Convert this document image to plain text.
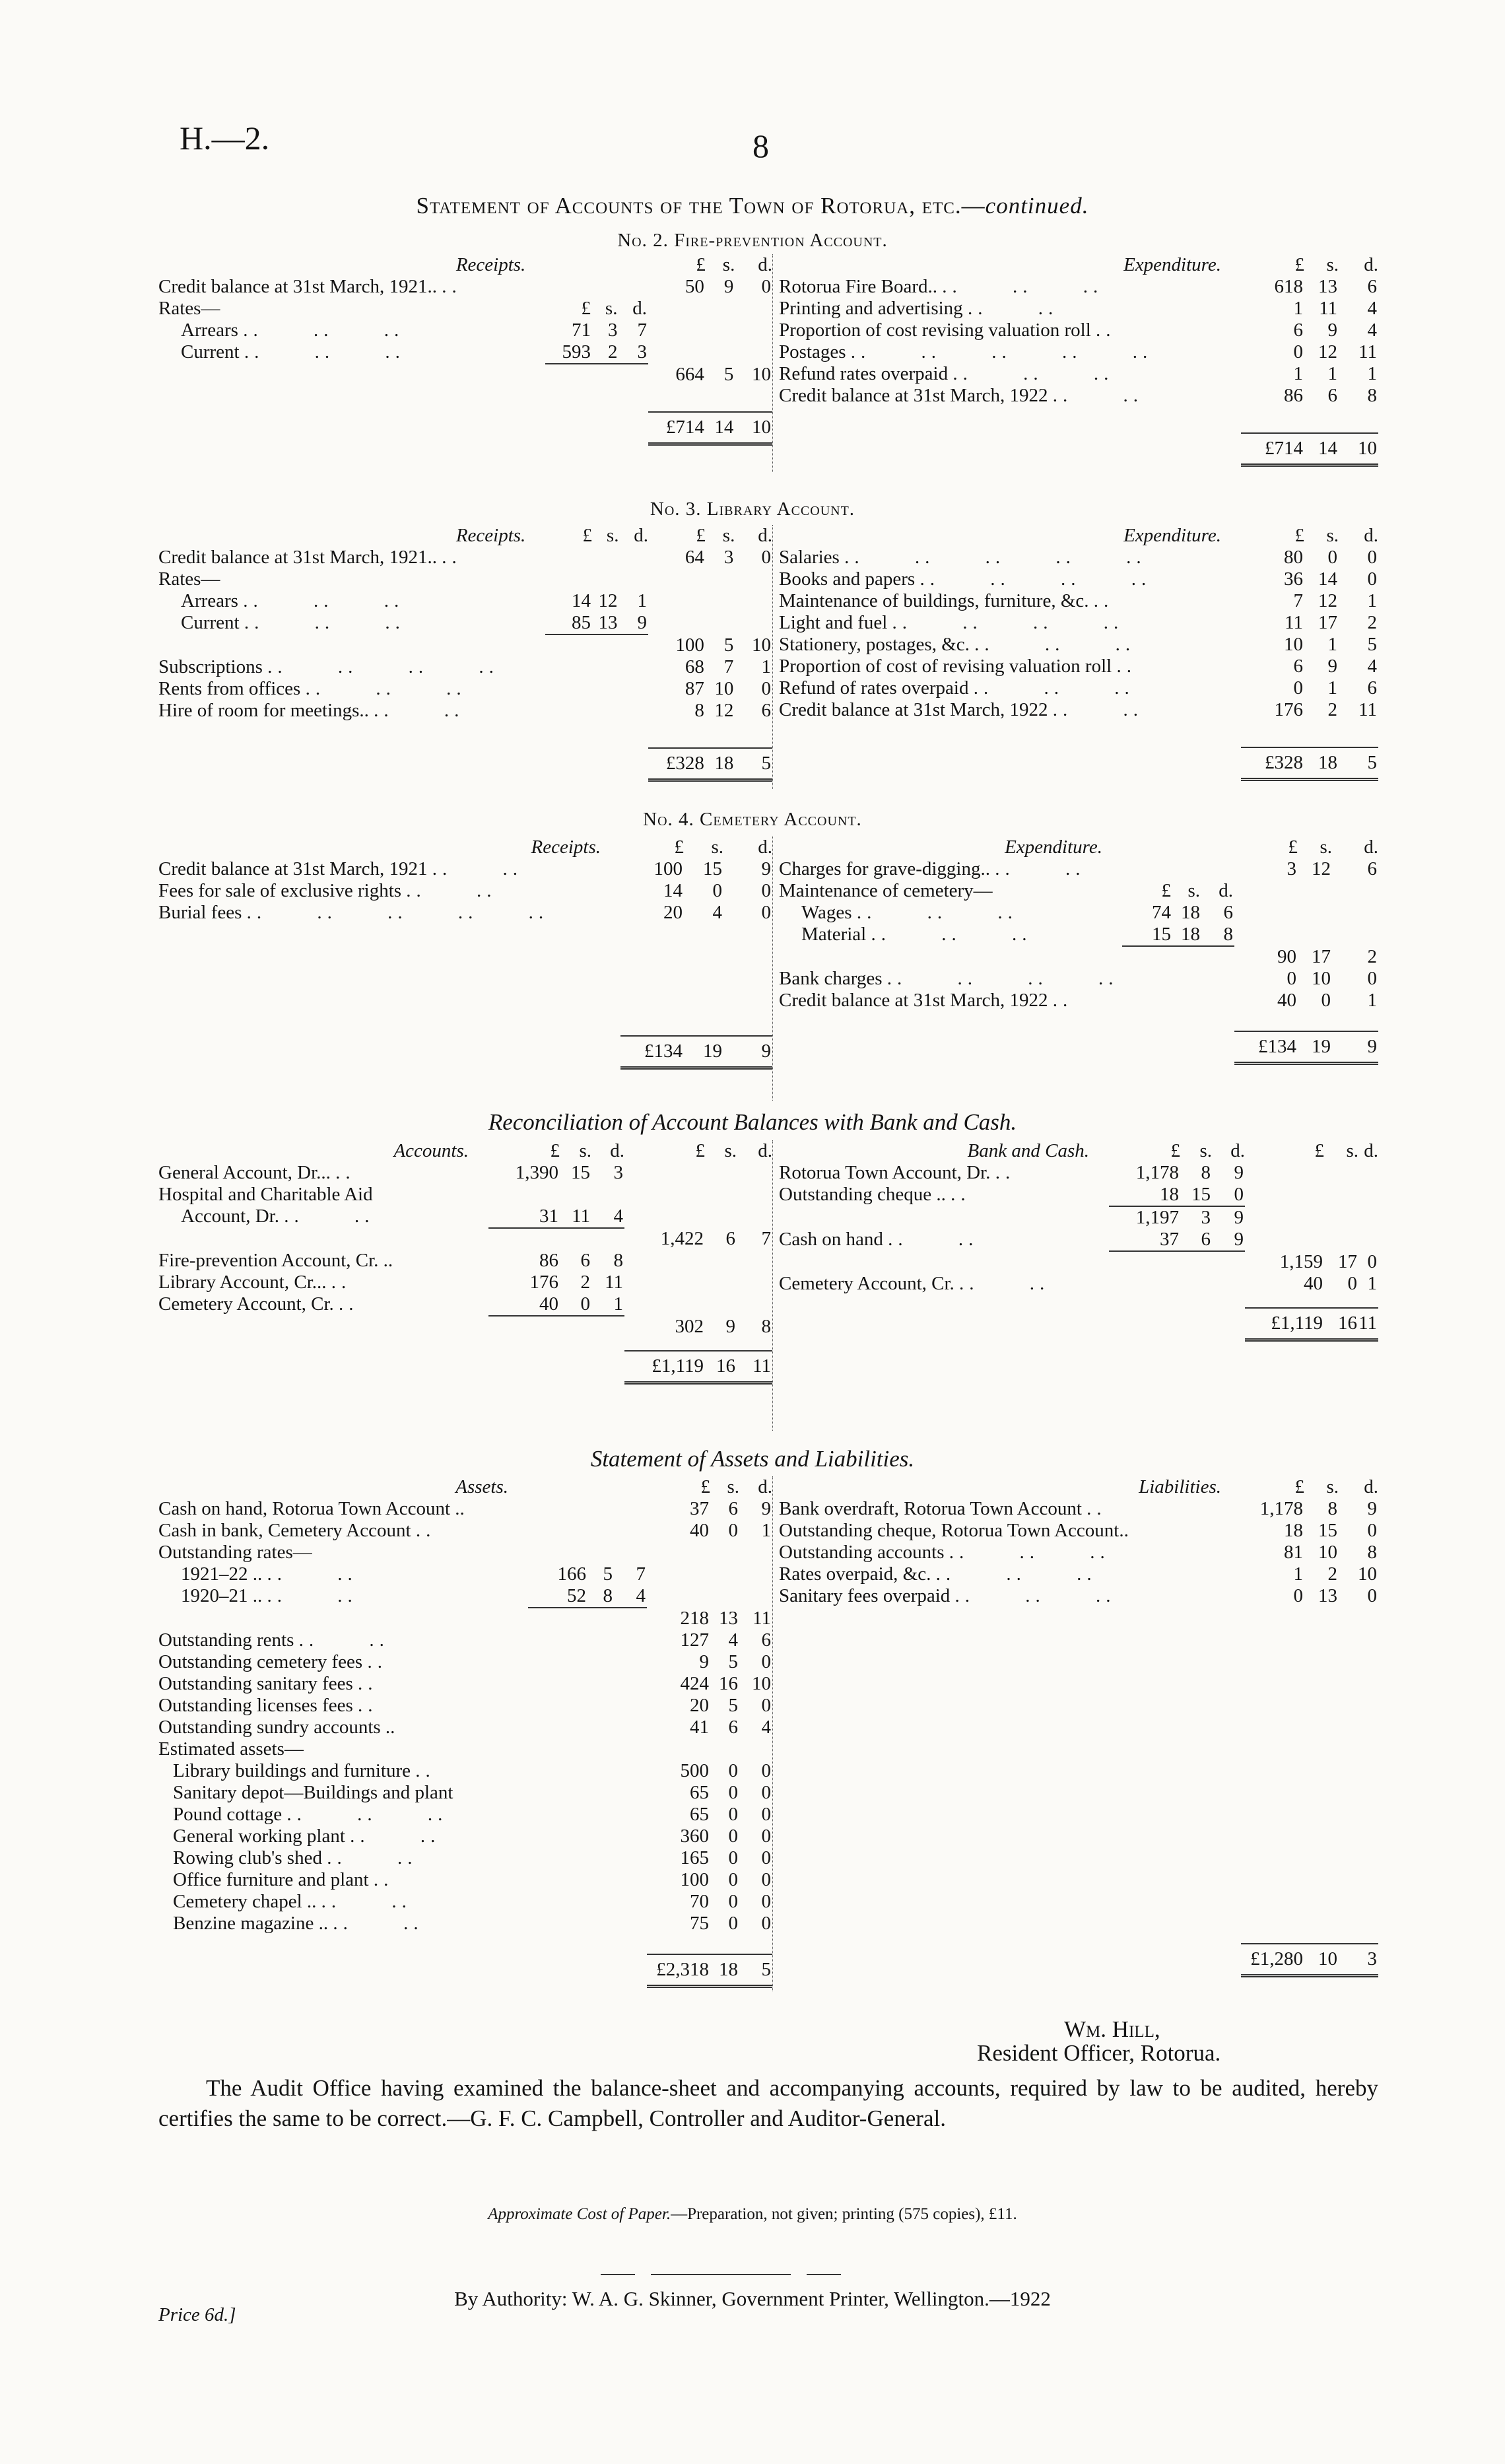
H.—2.	8
Statement of Accounts of the Town of Rotorua, etc.—continued.
No. 2. Fire-prevention Account.
Receipts.				£	s.	d.
Credit balance at 31st March, 1921.. ..				50	9	0
Rates—	£	s.	d.			
Arrears ..     ..     ..	71	3	7			
Current ..     ..     ..	593	2	3			
				664	5	10

				£714	14	10
Expenditure.	£	s.	d.
Rotorua Fire Board.. ..     ..     ..	618	13	6
Printing and advertising ..     ..	1	11	4
Proportion of cost revising valuation roll ..	6	9	4
Postages ..     ..     ..     ..     ..	0	12	11
Refund rates overpaid ..     ..     ..	1	1	1
Credit balance at 31st March, 1922 ..     ..	86	6	8

	£714	14	10
No. 3. Library Account.
Receipts.	£	s.	d.	£	s.	d.
Credit balance at 31st March, 1921.. ..				64	3	0
Rates—						
Arrears ..     ..     ..	14	12	1			
Current ..     ..     ..	85	13	9			
				100	5	10
Subscriptions ..     ..     ..     ..				68	7	1
Rents from offices ..     ..     ..				87	10	0
Hire of room for meetings.. ..     ..				8	12	6

				£328	18	5
Expenditure.	£	s.	d.
Salaries ..     ..     ..     ..     ..	80	0	0
Books and papers ..     ..     ..     ..	36	14	0
Maintenance of buildings, furniture, &c. ..	7	12	1
Light and fuel ..     ..     ..     ..	11	17	2
Stationery, postages, &c. ..     ..     ..	10	1	5
Proportion of cost of revising valuation roll ..	6	9	4
Refund of rates overpaid ..     ..     ..	0	1	6
Credit balance at 31st March, 1922 ..     ..	176	2	11

	£328	18	5
No. 4. Cemetery Account.
Receipts.	£	s.	d.
Credit balance at 31st March, 1921 ..     ..	100	15	9
Fees for sale of exclusive rights ..     ..	14	0	0
Burial fees ..     ..     ..     ..     ..	20	4	0

	£134	19	9
Expenditure.				£	s.	d.
Charges for grave-digging.. ..     ..				3	12	6
Maintenance of cemetery—	£	s.	d.			
Wages ..     ..     ..	74	18	6			
Material ..     ..     ..	15	18	8			
				90	17	2
Bank charges ..     ..     ..     ..				0	10	0
Credit balance at 31st March, 1922 ..				40	0	1

				£134	19	9
Reconciliation of Account Balances with Bank and Cash.
Accounts.	£	s.	d.	£	s.	d.
General Account, Dr... ..	1,390	15	3			
Hospital and Charitable Aid						
Account, Dr. ..     ..	31	11	4			
				1,422	6	7
Fire-prevention Account, Cr. ..	86	6	8			
Library Account, Cr... ..	176	2	11			
Cemetery Account, Cr. ..	40	0	1			
				302	9	8

				£1,119	16	11
Bank and Cash.	£	s.	d.	£	s.	d.
Rotorua Town Account, Dr. ..	1,178	8	9			
Outstanding cheque .. ..	18	15	0			

	1,197	3	9			
Cash on hand ..     ..	37	6	9			
				1,159	17	0
Cemetery Account, Cr. ..     ..				40	0	1

				£1,119	16	11
Statement of Assets and Liabilities.
Assets.				£	s.	d.
Cash on hand, Rotorua Town Account ..				37	6	9
Cash in bank, Cemetery Account ..				40	0	1
Outstanding rates—						
1921–22 .. ..     ..	166	5	7			
1920–21 .. ..     ..	52	8	4			

				218	13	11
Outstanding rents ..     ..				127	4	6
Outstanding cemetery fees ..				9	5	0
Outstanding sanitary fees ..				424	16	10
Outstanding licenses fees ..				20	5	0
Outstanding sundry accounts ..				41	6	4
Estimated assets—						
Library buildings and furniture ..				500	0	0
Sanitary depot—Buildings and plant				65	0	0
Pound cottage ..     ..     ..				65	0	0
General working plant ..     ..				360	0	0
Rowing club's shed ..     ..				165	0	0
Office furniture and plant ..				100	0	0
Cemetery chapel .. ..     ..				70	0	0
Benzine magazine .. ..     ..				75	0	0

				£2,318	18	5
Liabilities.	£	s.	d.
Bank overdraft, Rotorua Town Account ..	1,178	8	9
Outstanding cheque, Rotorua Town Account..	18	15	0
Outstanding accounts ..     ..     ..	81	10	8
Rates overpaid, &c. ..     ..     ..	1	2	10
Sanitary fees overpaid ..     ..     ..	0	13	0

	£1,280	10	3
Wm. Hill,
Resident Officer, Rotorua.

The Audit Office having examined the balance-sheet and accompanying accounts, required by law to be audited, hereby certifies the same to be correct.—G. F. C. Campbell, Controller and Auditor-General.

Approximate Cost of Paper.—Preparation, not given; printing (575 copies), £11.
By Authority: W. A. G. Skinner, Government Printer, Wellington.—1922
Price 6d.]
